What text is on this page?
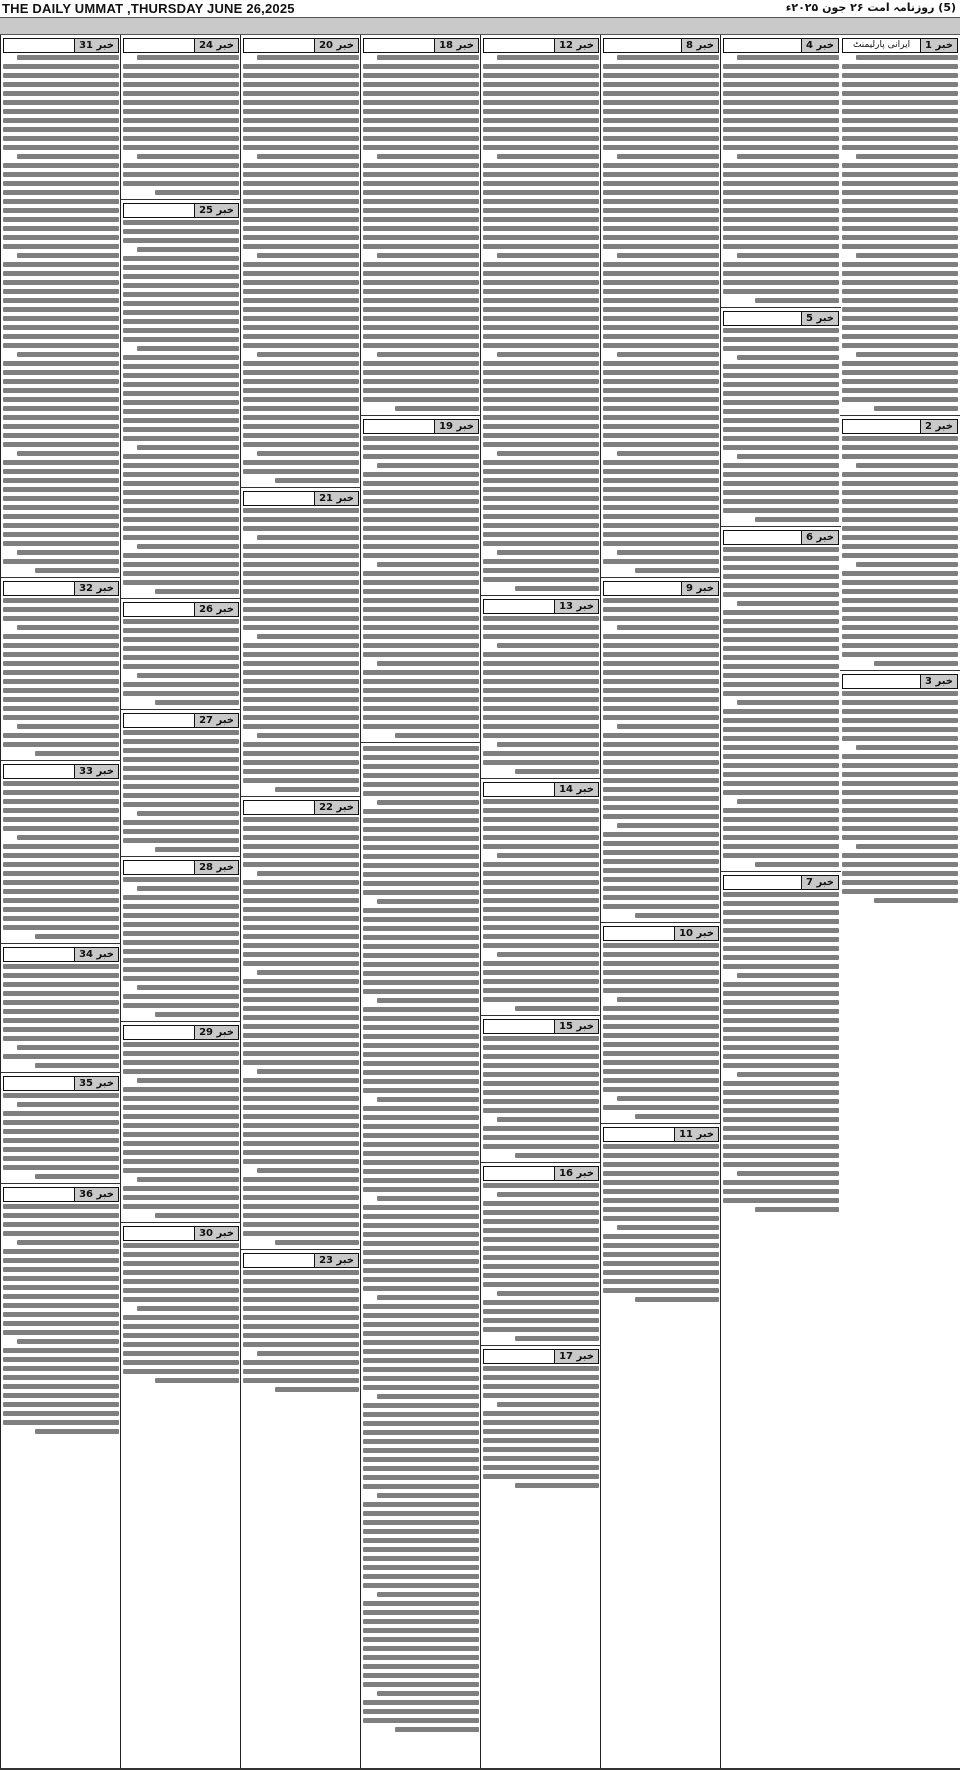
THE DAILY UMMAT ,THURSDAY JUNE 26,2025	(5) روزنامہ امت ۲۶ جون ۲۰۲۵ء
خبر 1
ایرانی پارلیمنٹ
خبر 2
خبر 3
خبر 4
خبر 5
خبر 6
خبر 7
خبر 8
خبر 9
خبر 10
خبر 11
خبر 12
خبر 13
خبر 14
خبر 15
خبر 16
خبر 17
خبر 18
خبر 19
خبر 20
خبر 21
خبر 22
خبر 23
خبر 24
خبر 25
خبر 26
خبر 27
خبر 28
خبر 29
خبر 30
خبر 31
خبر 32
خبر 33
خبر 34
خبر 35
خبر 36
